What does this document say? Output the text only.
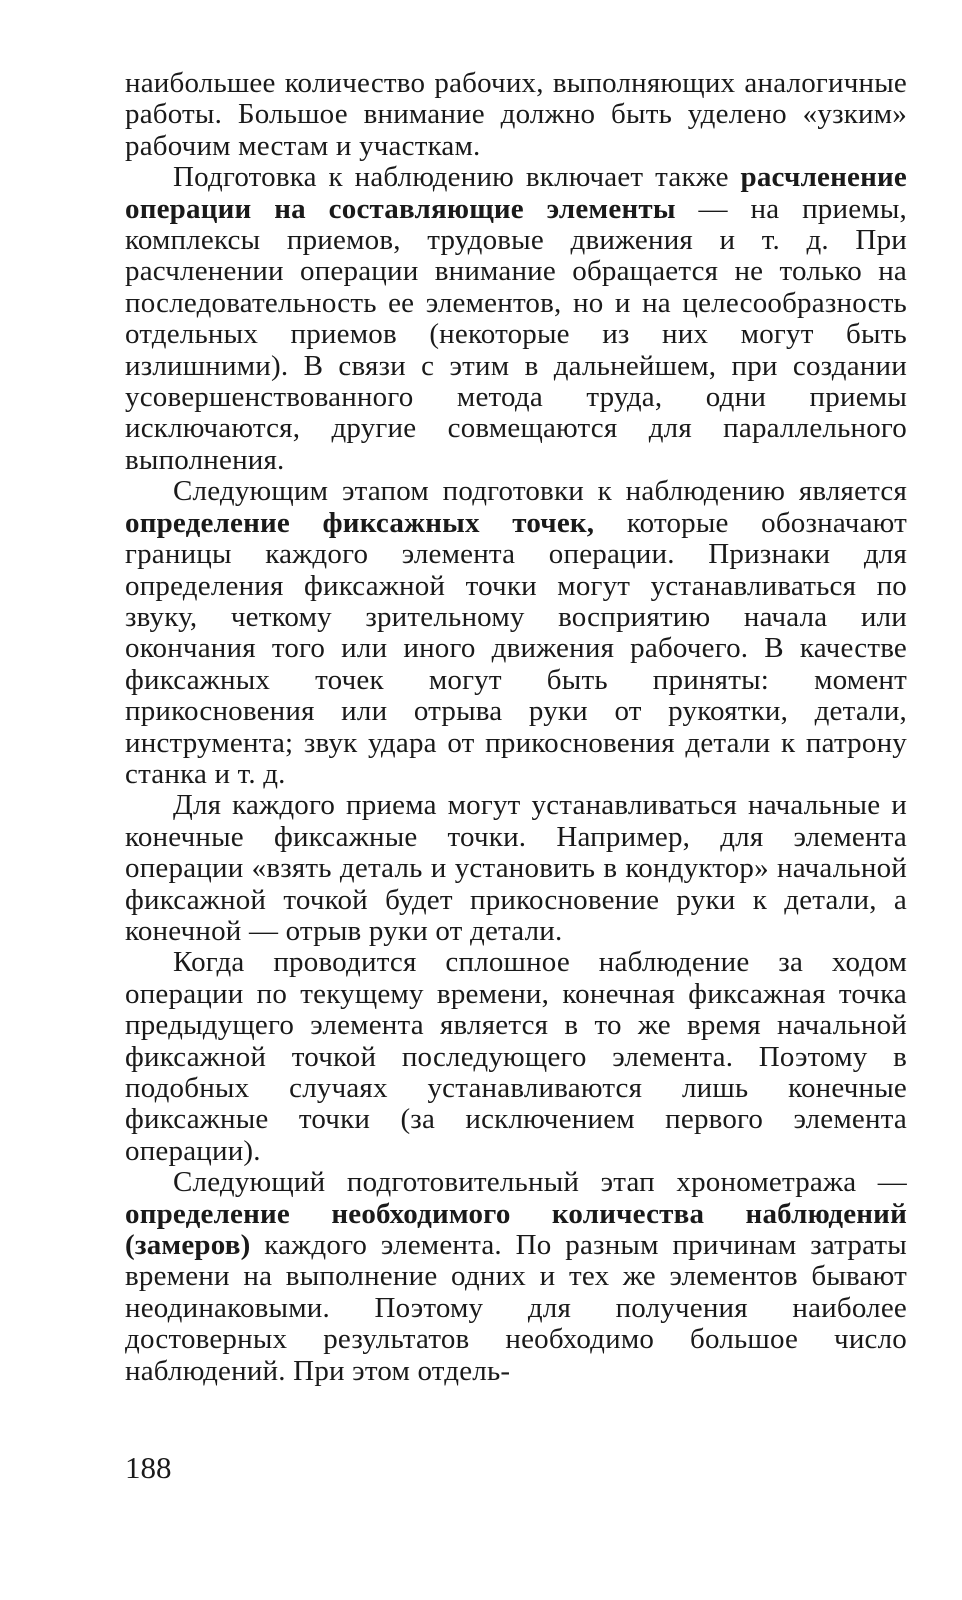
наибольшее количество рабочих, выполняющих аналогичные работы. Большое внимание должно быть уделено «узким» рабочим местам и участкам.

Подготовка к наблюдению включает также расчленение операции на составляющие элементы — на приемы, комплексы приемов, трудовые движения и т. д. При расчленении операции внимание обращается не только на последовательность ее элементов, но и на целесообразность отдельных приемов (некоторые из них могут быть излишними). В связи с этим в дальнейшем, при создании усовершенствованного метода труда, одни приемы исключаются, другие совмещаются для параллельного выполнения.

Следующим этапом подготовки к наблюдению является определение фиксажных точек, которые обозначают границы каждого элемента операции. Признаки для определения фиксажной точки могут устанавливаться по звуку, четкому зрительному восприятию начала или окончания того или иного движения рабочего. В качестве фиксажных точек могут быть приняты: момент прикосновения или отрыва руки от рукоятки, детали, инструмента; звук удара от прикосновения детали к патрону станка и т. д.

Для каждого приема могут устанавливаться начальные и конечные фиксажные точки. Например, для элемента операции «взять деталь и установить в кондуктор» начальной фиксажной точкой будет прикосновение руки к детали, а конечной — отрыв руки от детали.

Когда проводится сплошное наблюдение за ходом операции по текущему времени, конечная фиксажная точка предыдущего элемента является в то же время начальной фиксажной точкой последующего элемента. Поэтому в подобных случаях устанавливаются лишь конечные фиксажные точки (за исключением первого элемента операции).

Следующий подготовительный этап хронометража — определение необходимого количества наблюдений (замеров) каждого элемента. По разным причинам затраты времени на выполнение одних и тех же элементов бывают неодинаковыми. Поэтому для получения наиболее достоверных результатов необходимо большое число наблюдений. При этом отдель-

188
